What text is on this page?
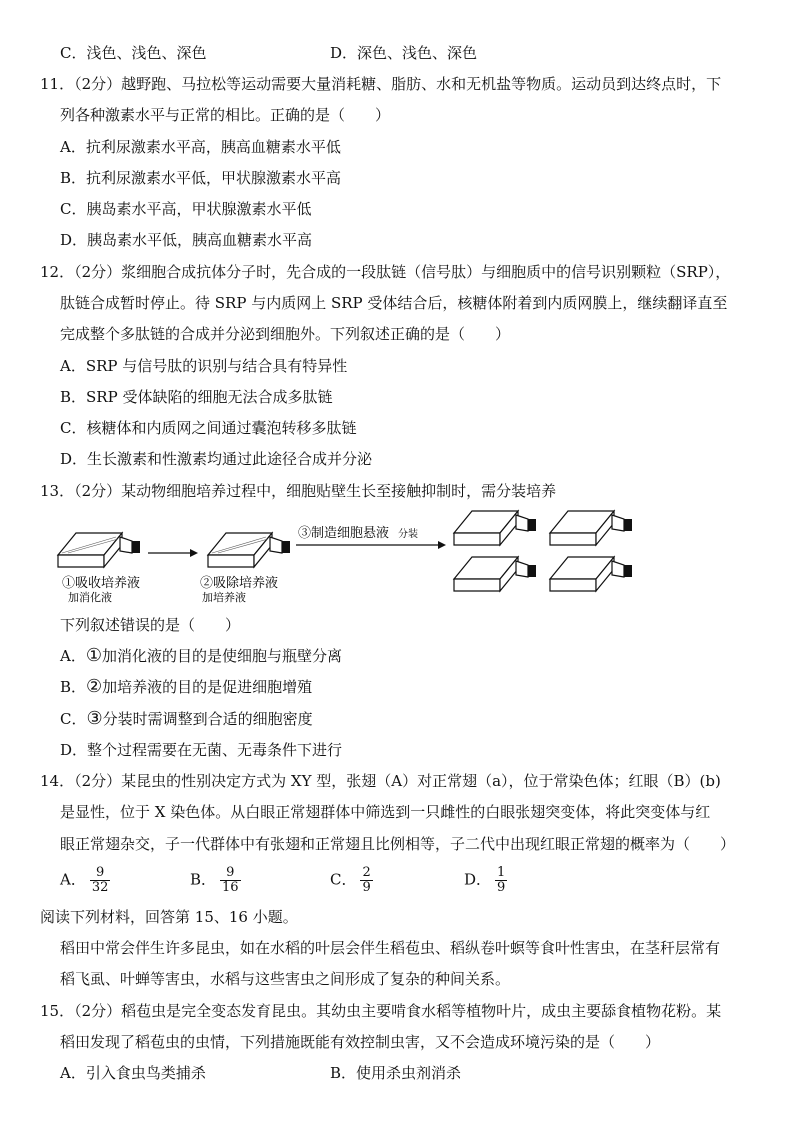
C．浅色、浅色、深色	D．深色、浅色、深色
11．（2分）越野跑、马拉松等运动需要大量消耗糖、脂肪、水和无机盐等物质。运动员到达终点时，下
列各种激素水平与正常的相比。正确的是（　　）
A．抗利尿激素水平高，胰高血糖素水平低
B．抗利尿激素水平低，甲状腺激素水平高
C．胰岛素水平高，甲状腺激素水平低
D．胰岛素水平低，胰高血糖素水平高
12．（2分）浆细胞合成抗体分子时，先合成的一段肽链（信号肽）与细胞质中的信号识别颗粒（SRP），
肽链合成暂时停止。待 SRP 与内质网上 SRP 受体结合后，核糖体附着到内质网膜上，继续翻译直至
完成整个多肽链的合成并分泌到细胞外。下列叙述正确的是（　　）
A．SRP 与信号肽的识别与结合具有特异性
B．SRP 受体缺陷的细胞无法合成多肽链
C．核糖体和内质网之间通过囊泡转移多肽链
D．生长激素和性激素均通过此途径合成并分泌
13．（2分）某动物细胞培养过程中，细胞贴壁生长至接触抑制时，需分装培养
①吸收培养液
加消化液
②吸除培养液
加培养液
③制造细胞悬液 分装
下列叙述错误的是（　　）
A．①加消化液的目的是使细胞与瓶壁分离
B．②加培养液的目的是促进细胞增殖
C．③分装时需调整到合适的细胞密度
D．整个过程需要在无菌、无毒条件下进行
14．（2分）某昆虫的性别决定方式为 XY 型，张翅（A）对正常翅（a），位于常染色体；红眼（B）(b)
是显性，位于 X 染色体。从白眼正常翅群体中筛选到一只雌性的白眼张翅突变体，将此突变体与红
眼正常翅杂交，子一代群体中有张翅和正常翅且比例相等，子二代中出现红眼正常翅的概率为（　　）
A． $\frac{9}{32}$	B． $\frac{9}{16}$	C． $\frac{2}{9}$	D． $\frac{1}{9}$
阅读下列材料，回答第 15、16 小题。
稻田中常会伴生许多昆虫，如在水稻的叶层会伴生稻苞虫、稻纵卷叶螟等食叶性害虫，在茎秆层常有
稻飞虱、叶蝉等害虫，水稻与这些害虫之间形成了复杂的种间关系。
15．（2分）稻苞虫是完全变态发育昆虫。其幼虫主要啃食水稻等植物叶片，成虫主要舔食植物花粉。某
稻田发现了稻苞虫的虫情，下列措施既能有效控制虫害，又不会造成环境污染的是（　　）
A．引入食虫鸟类捕杀	B．使用杀虫剂消杀
